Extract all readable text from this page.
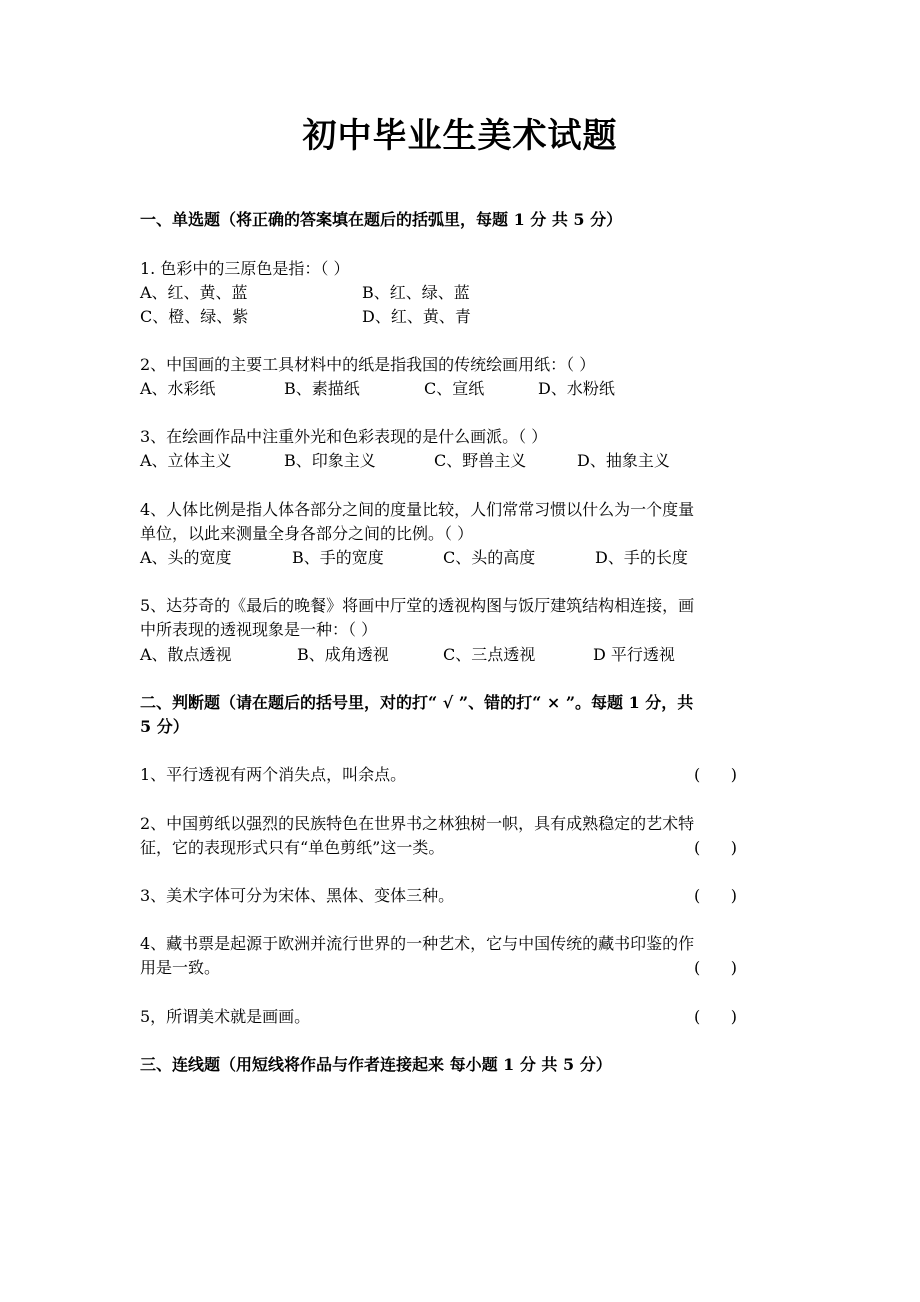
初中毕业生美术试题
一、单选题（将正确的答案填在题后的括弧里，每题 1 分 共 5 分）
1. 色彩中的三原色是指：（ ）
A、红、黄、蓝	B、红、绿、蓝
C、橙、绿、紫	D、红、黄、青
2、中国画的主要工具材料中的纸是指我国的传统绘画用纸：（ ）
A、水彩纸	B、素描纸	C、宣纸	D、水粉纸
3、在绘画作品中注重外光和色彩表现的是什么画派。（ ）
A、立体主义	B、印象主义	C、野兽主义	D、抽象主义
4、人体比例是指人体各部分之间的度量比较，人们常常习惯以什么为一个度量
单位，以此来测量全身各部分之间的比例。（ ）
A、头的宽度	B、手的宽度	C、头的高度	D、手的长度
5、达芬奇的《最后的晚餐》将画中厅堂的透视构图与饭厅建筑结构相连接，画
中所表现的透视现象是一种：（ ）
A、散点透视	B、成角透视	C、三点透视	D 平行透视
二、判断题（请在题后的括号里，对的打“ √ ”、错的打“ × ”。每题 1 分，共
5 分）
1、平行透视有两个消失点，叫余点。	(      )
2、中国剪纸以强烈的民族特色在世界书之林独树一帜，具有成熟稳定的艺术特
征，它的表现形式只有“单色剪纸”这一类。	(      )
3、美术字体可分为宋体、黑体、变体三种。	(      )
4、藏书票是起源于欧洲并流行世界的一种艺术，它与中国传统的藏书印鉴的作
用是一致。	(      )
5，所谓美术就是画画。	(      )
三、连线题（用短线将作品与作者连接起来 每小题 1 分 共 5 分）
